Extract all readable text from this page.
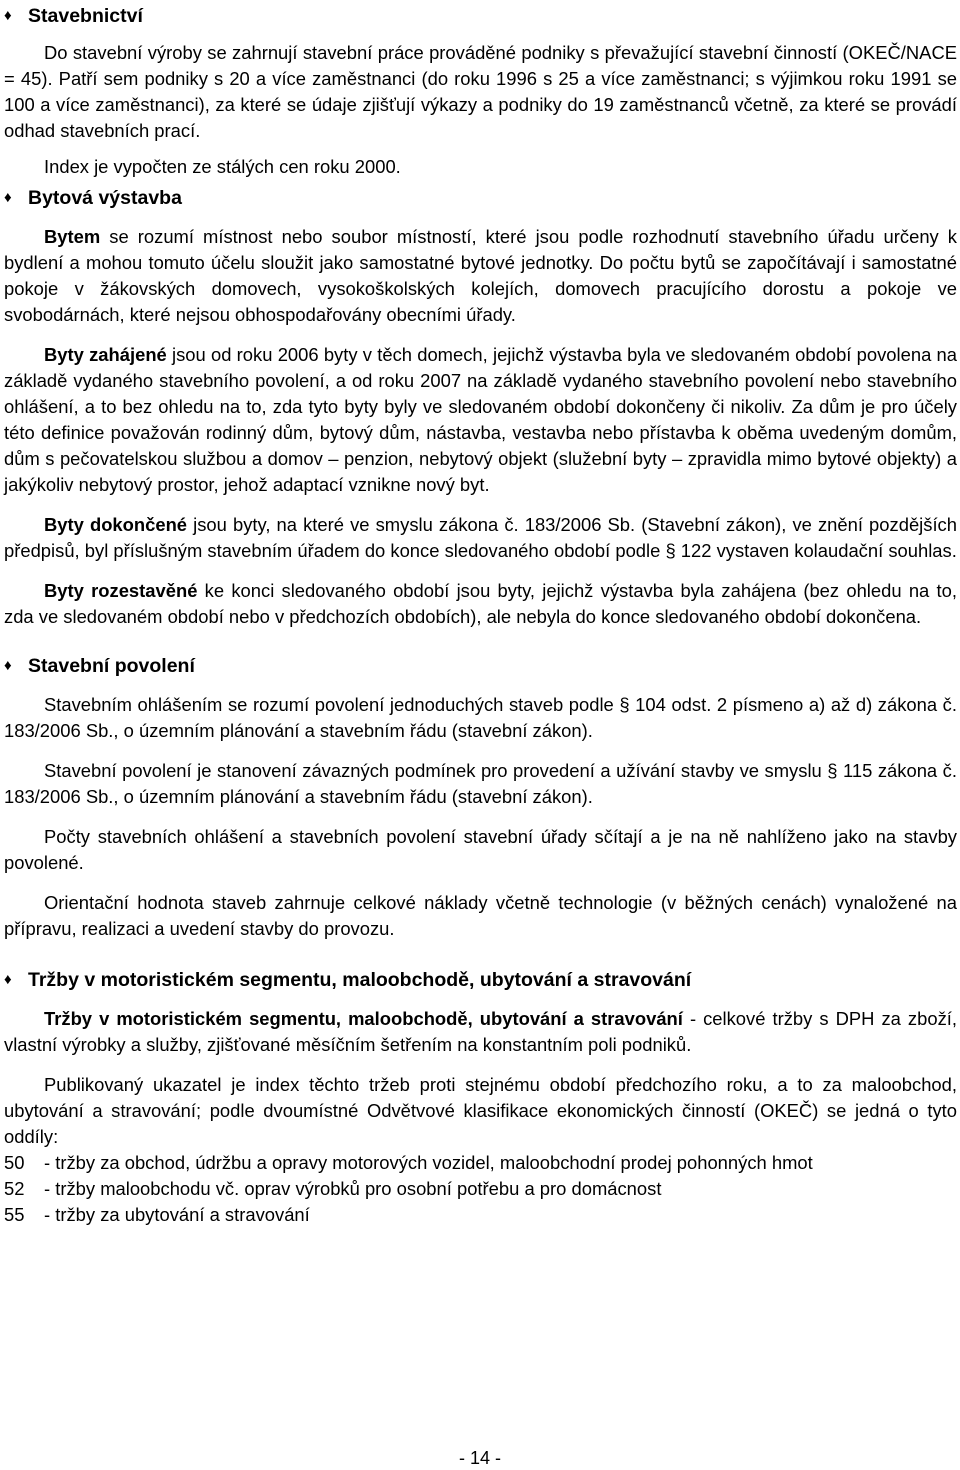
♦ Stavebnictví

Do stavební výroby se zahrnují stavební práce prováděné podniky s převažující stavební činností (OKEČ/NACE = 45). Patří sem podniky s 20 a více zaměstnanci (do roku 1996 s 25 a více zaměstnanci; s výjimkou roku 1991 se 100 a více zaměstnanci), za které se údaje zjišťují výkazy a podniky do 19 zaměstnanců včetně, za které se provádí odhad stavebních prací.

Index je vypočten ze stálých cen roku 2000.

♦ Bytová výstavba

Bytem se rozumí místnost nebo soubor místností, které jsou podle rozhodnutí stavebního úřadu určeny k bydlení a mohou tomuto účelu sloužit jako samostatné bytové jednotky. Do počtu bytů se započítávají i samostatné pokoje v žákovských domovech, vysokoškolských kolejích, domovech pracujícího dorostu a pokoje ve svobodárnách, které nejsou obhospodařovány obecními úřady.

Byty zahájené jsou od roku 2006 byty v těch domech, jejichž výstavba byla ve sledovaném období povolena na základě vydaného stavebního povolení, a od roku 2007 na základě vydaného stavebního povolení nebo stavebního ohlášení, a to bez ohledu na to, zda tyto byty byly ve sledovaném období dokončeny či nikoliv. Za dům je pro účely této definice považován rodinný dům, bytový dům, nástavba, vestavba nebo přístavba k oběma uvedeným domům, dům s pečovatelskou službou a domov – penzion, nebytový objekt (služební byty – zpravidla mimo bytové objekty) a jakýkoliv nebytový prostor, jehož adaptací vznikne nový byt.

Byty dokončené jsou byty, na které ve smyslu zákona č. 183/2006 Sb. (Stavební zákon), ve znění pozdějších předpisů, byl příslušným stavebním úřadem do konce sledovaného období podle § 122 vystaven kolaudační souhlas.

Byty rozestavěné ke konci sledovaného období jsou byty, jejichž výstavba byla zahájena (bez ohledu na to, zda ve sledovaném období nebo v předchozích obdobích), ale nebyla do konce sledovaného období dokončena.

♦ Stavební povolení

Stavebním ohlášením se rozumí povolení jednoduchých staveb podle § 104 odst. 2 písmeno a) až d) zákona č. 183/2006 Sb., o územním plánování a stavebním řádu (stavební zákon).

Stavební povolení je stanovení závazných podmínek pro provedení a užívání stavby ve smyslu § 115 zákona č. 183/2006 Sb., o územním plánování a stavebním řádu (stavební zákon).

Počty stavebních ohlášení a stavebních povolení stavební úřady sčítají a je na ně nahlíženo jako na stavby povolené.

Orientační hodnota staveb zahrnuje celkové náklady včetně technologie (v běžných cenách) vynaložené na přípravu, realizaci a uvedení stavby do provozu.

♦ Tržby v motoristickém segmentu, maloobchodě, ubytování a stravování

Tržby v motoristickém segmentu, maloobchodě, ubytování a stravování - celkové tržby s DPH za zboží, vlastní výrobky a služby, zjišťované měsíčním šetřením na konstantním poli podniků.

Publikovaný ukazatel je index těchto tržeb proti stejnému období předchozího roku, a to za maloobchod, ubytování a stravování; podle dvoumístné Odvětvové klasifikace ekonomických činností (OKEČ) se jedná o tyto oddíly:

50	- tržby za obchod, údržbu a opravy motorových vozidel, maloobchodní prodej pohonných hmot
52	- tržby maloobchodu vč. oprav výrobků pro osobní potřebu a pro domácnost
55	- tržby za ubytování a stravování
- 14 -
